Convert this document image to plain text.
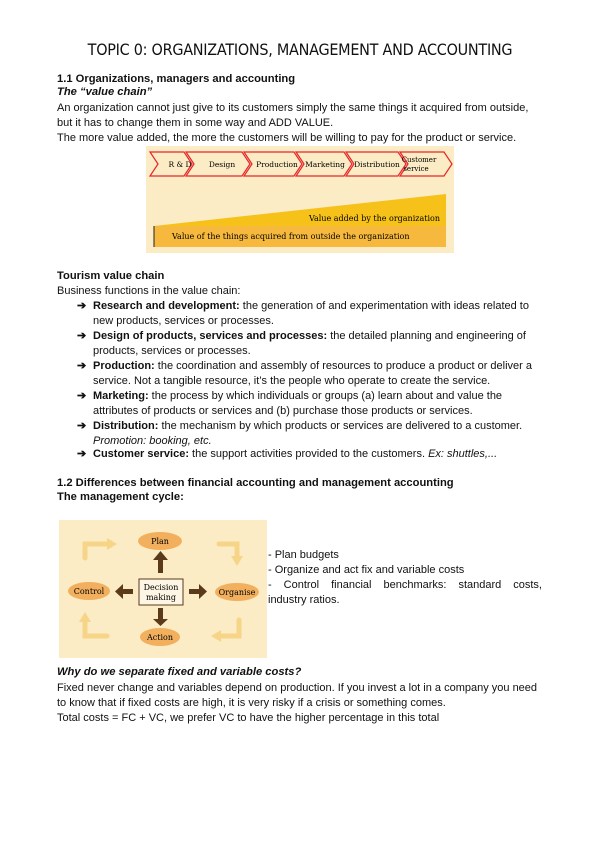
TOPIC 0: ORGANIZATIONS, MANAGEMENT AND ACCOUNTING
1.1 Organizations, managers and accounting
The “value chain”
An organization cannot just give to its customers simply the same things it acquired from outside,
but it has to change them in some way and ADD VALUE.
The more value added, the more the customers will be willing to pay for the product or service.
R & D Design	Production Marketing Distribution Customer
service
Value added by the organization
Value of the things acquired from outside the organization
Tourism value chain
Business functions in the value chain:
➔ Research and development: the generation of and experimentation with ideas related to
new products, services or processes.
➔ Design of products, services and processes: the detailed planning and engineering of
products, services or processes.
➔ Production: the coordination and assembly of resources to produce a product or deliver a
service. Not a tangible resource, it’s the people who operate to create the service.
➔ Marketing: the process by which individuals or groups (a) learn about and value the
attributes of products or services and (b) purchase those products or services.
➔ Distribution: the mechanism by which products or services are delivered to a customer.
Promotion: booking, etc.
➔ Customer service: the support activities provided to the customers. Ex: shuttles,...
1.2 Differences between financial accounting and management accounting
The management cycle:
Plan
Control	Organise
Action
Decision
making
- Plan budgets
- Organize and act fix and variable costs
- Control financial benchmarks: standard costs,
industry ratios.
Why do we separate fixed and variable costs?
Fixed never change and variables depend on production. If you invest a lot in a company you need
to know that if fixed costs are high, it is very risky if a crisis or something comes.
Total costs = FC + VC, we prefer VC to have the higher percentage in this total
